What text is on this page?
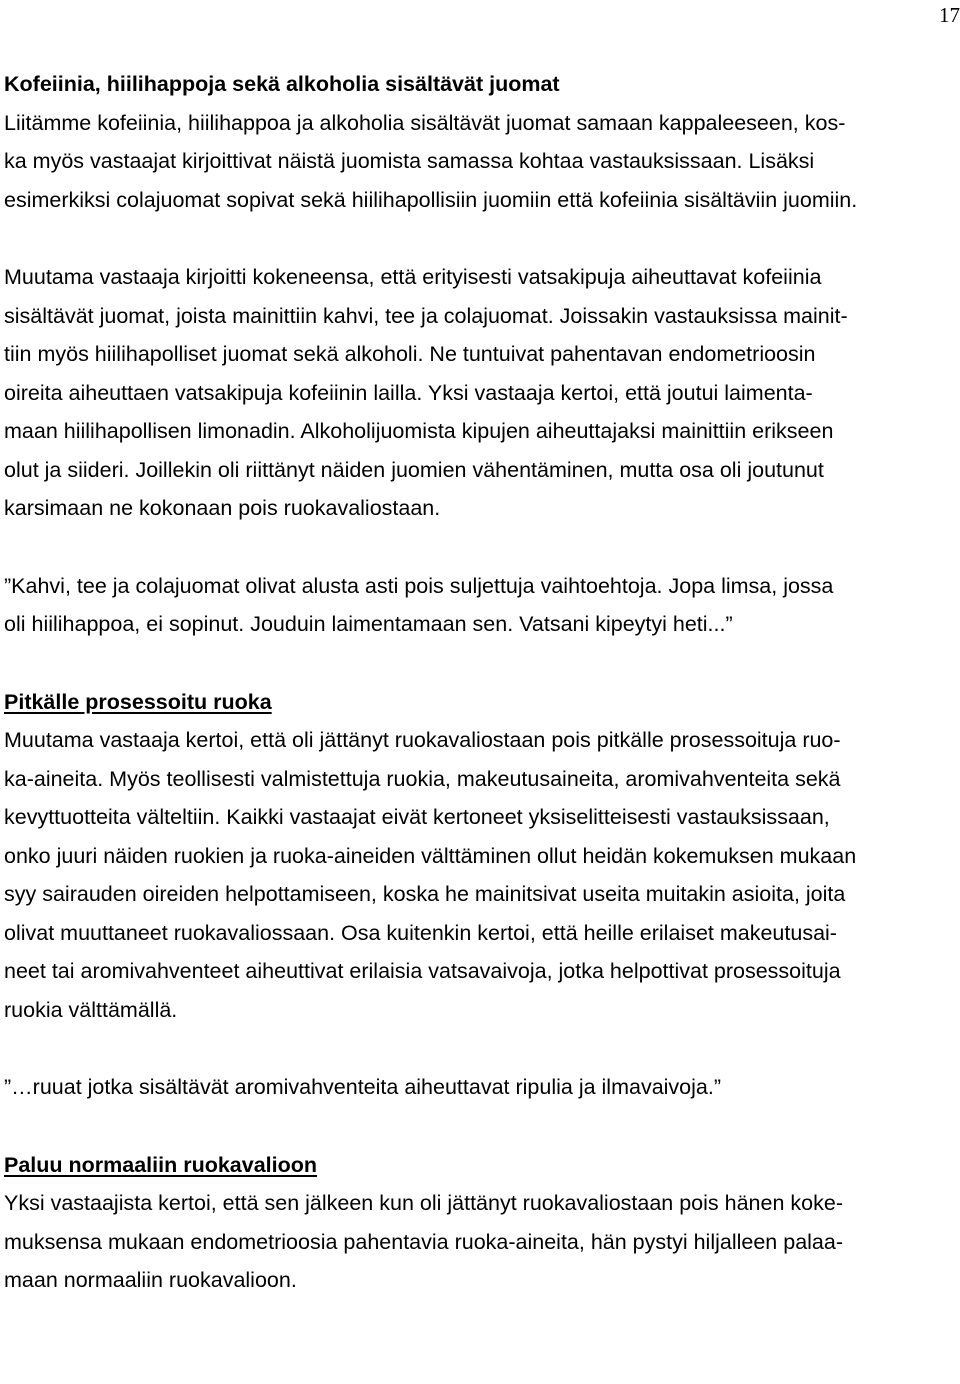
17
Kofeiinia, hiilihappoja sekä alkoholia sisältävät juomat
Liitämme kofeiinia, hiilihappoa ja alkoholia sisältävät juomat samaan kappaleeseen, kos-
ka myös vastaajat kirjoittivat näistä juomista samassa kohtaa vastauksissaan. Lisäksi
esimerkiksi colajuomat sopivat sekä hiilihapollisiin juomiin että kofeiinia sisältäviin juomiin.
Muutama vastaaja kirjoitti kokeneensa, että erityisesti vatsakipuja aiheuttavat kofeiinia
sisältävät juomat, joista mainittiin kahvi, tee ja colajuomat. Joissakin vastauksissa mainit-
tiin myös hiilihapolliset juomat sekä alkoholi. Ne tuntuivat pahentavan endometrioosin
oireita aiheuttaen vatsakipuja kofeiinin lailla. Yksi vastaaja kertoi, että joutui laimenta-
maan hiilihapollisen limonadin. Alkoholijuomista kipujen aiheuttajaksi mainittiin erikseen
olut ja siideri. Joillekin oli riittänyt näiden juomien vähentäminen, mutta osa oli joutunut
karsimaan ne kokonaan pois ruokavaliostaan.
”Kahvi, tee ja colajuomat olivat alusta asti pois suljettuja vaihtoehtoja. Jopa limsa, jossa
oli hiilihappoa, ei sopinut. Jouduin laimentamaan sen. Vatsani kipeytyi heti...”
Pitkälle prosessoitu ruoka
Muutama vastaaja kertoi, että oli jättänyt ruokavaliostaan pois pitkälle prosessoituja ruo-
ka-aineita. Myös teollisesti valmistettuja ruokia, makeutusaineita, aromivahventeita sekä
kevyttuotteita välteltiin. Kaikki vastaajat eivät kertoneet yksiselitteisesti vastauksissaan,
onko juuri näiden ruokien ja ruoka-aineiden välttäminen ollut heidän kokemuksen mukaan
syy sairauden oireiden helpottamiseen, koska he mainitsivat useita muitakin asioita, joita
olivat muuttaneet ruokavaliossaan. Osa kuitenkin kertoi, että heille erilaiset makeutusai-
neet tai aromivahventeet aiheuttivat erilaisia vatsavaivoja, jotka helpottivat prosessoituja
ruokia välttämällä.
”…ruuat jotka sisältävät aromivahventeita aiheuttavat ripulia ja ilmavaivoja.”
Paluu normaaliin ruokavalioon
Yksi vastaajista kertoi, että sen jälkeen kun oli jättänyt ruokavaliostaan pois hänen koke-
muksensa mukaan endometrioosia pahentavia ruoka-aineita, hän pystyi hiljalleen palaa-
maan normaaliin ruokavalioon.
